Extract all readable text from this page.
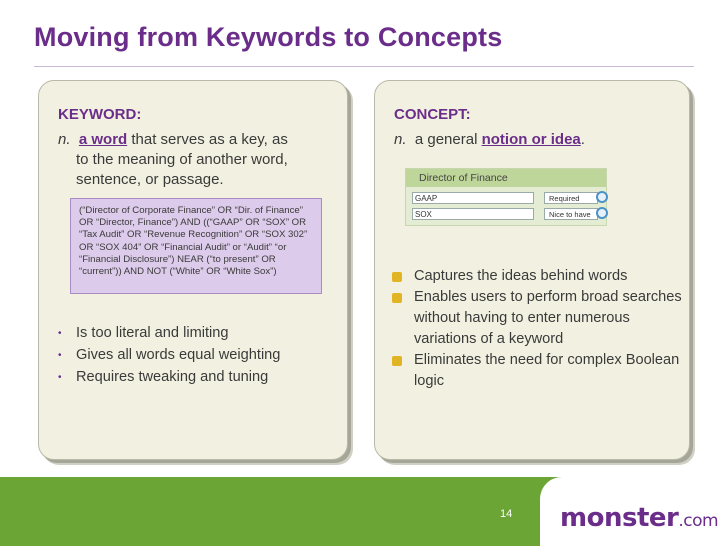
Moving from Keywords to Concepts
KEYWORD:
n. a word that serves as a key, as
to the meaning of another word,
sentence, or passage.
(“Director of Corporate Finance” OR “Dir. of Finance” OR “Director, Finance”) AND ((“GAAP” OR “SOX” OR “Tax Audit” OR “Revenue Recognition” OR “SOX 302” OR “SOX 404” OR “Financial Audit” or “Audit” “or “Financial Disclosure”) NEAR (“to present” OR “current”)) AND NOT (“White” OR “White Sox”)
• Is too literal and limiting
• Gives all words equal weighting
• Requires tweaking and tuning
CONCEPT:
n. a general notion or idea.
Director of Finance
GAAP	Required
SOX	Nice to have
Captures the ideas behind words
Enables users to perform broad searches without having to enter numerous variations of a keyword
Eliminates the need for complex Boolean logic
14 monster.com
